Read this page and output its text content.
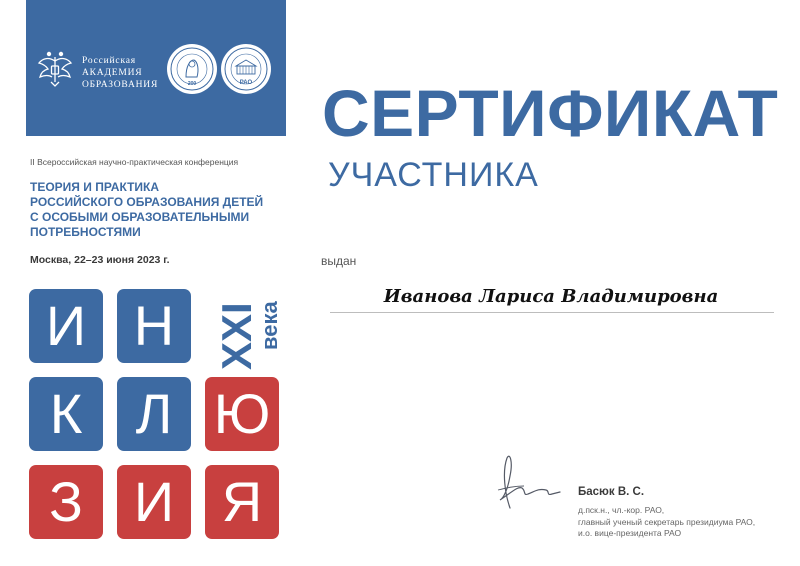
Российская
АКАДЕМИЯ
ОБРАЗОВАНИЯ	200	РАО
II Всероссийская научно-практическая конференция
ТЕОРИЯ И ПРАКТИКА
РОССИЙСКОГО ОБРАЗОВАНИЯ ДЕТЕЙ
С ОСОБЫМИ ОБРАЗОВАТЕЛЬНЫМИ
ПОТРЕБНОСТЯМИ
Москва, 22–23 июня 2023 г.
И Н
К Л Ю
З И Я
XXI
века
СЕРТИФИКАТ
УЧАСТНИКА
выдан
Иванова Лариса Владимировна
Басюк В. С.
д.пск.н., чл.-кор. РАО,
главный ученый секретарь президиума РАО,
и.о. вице-президента РАО
